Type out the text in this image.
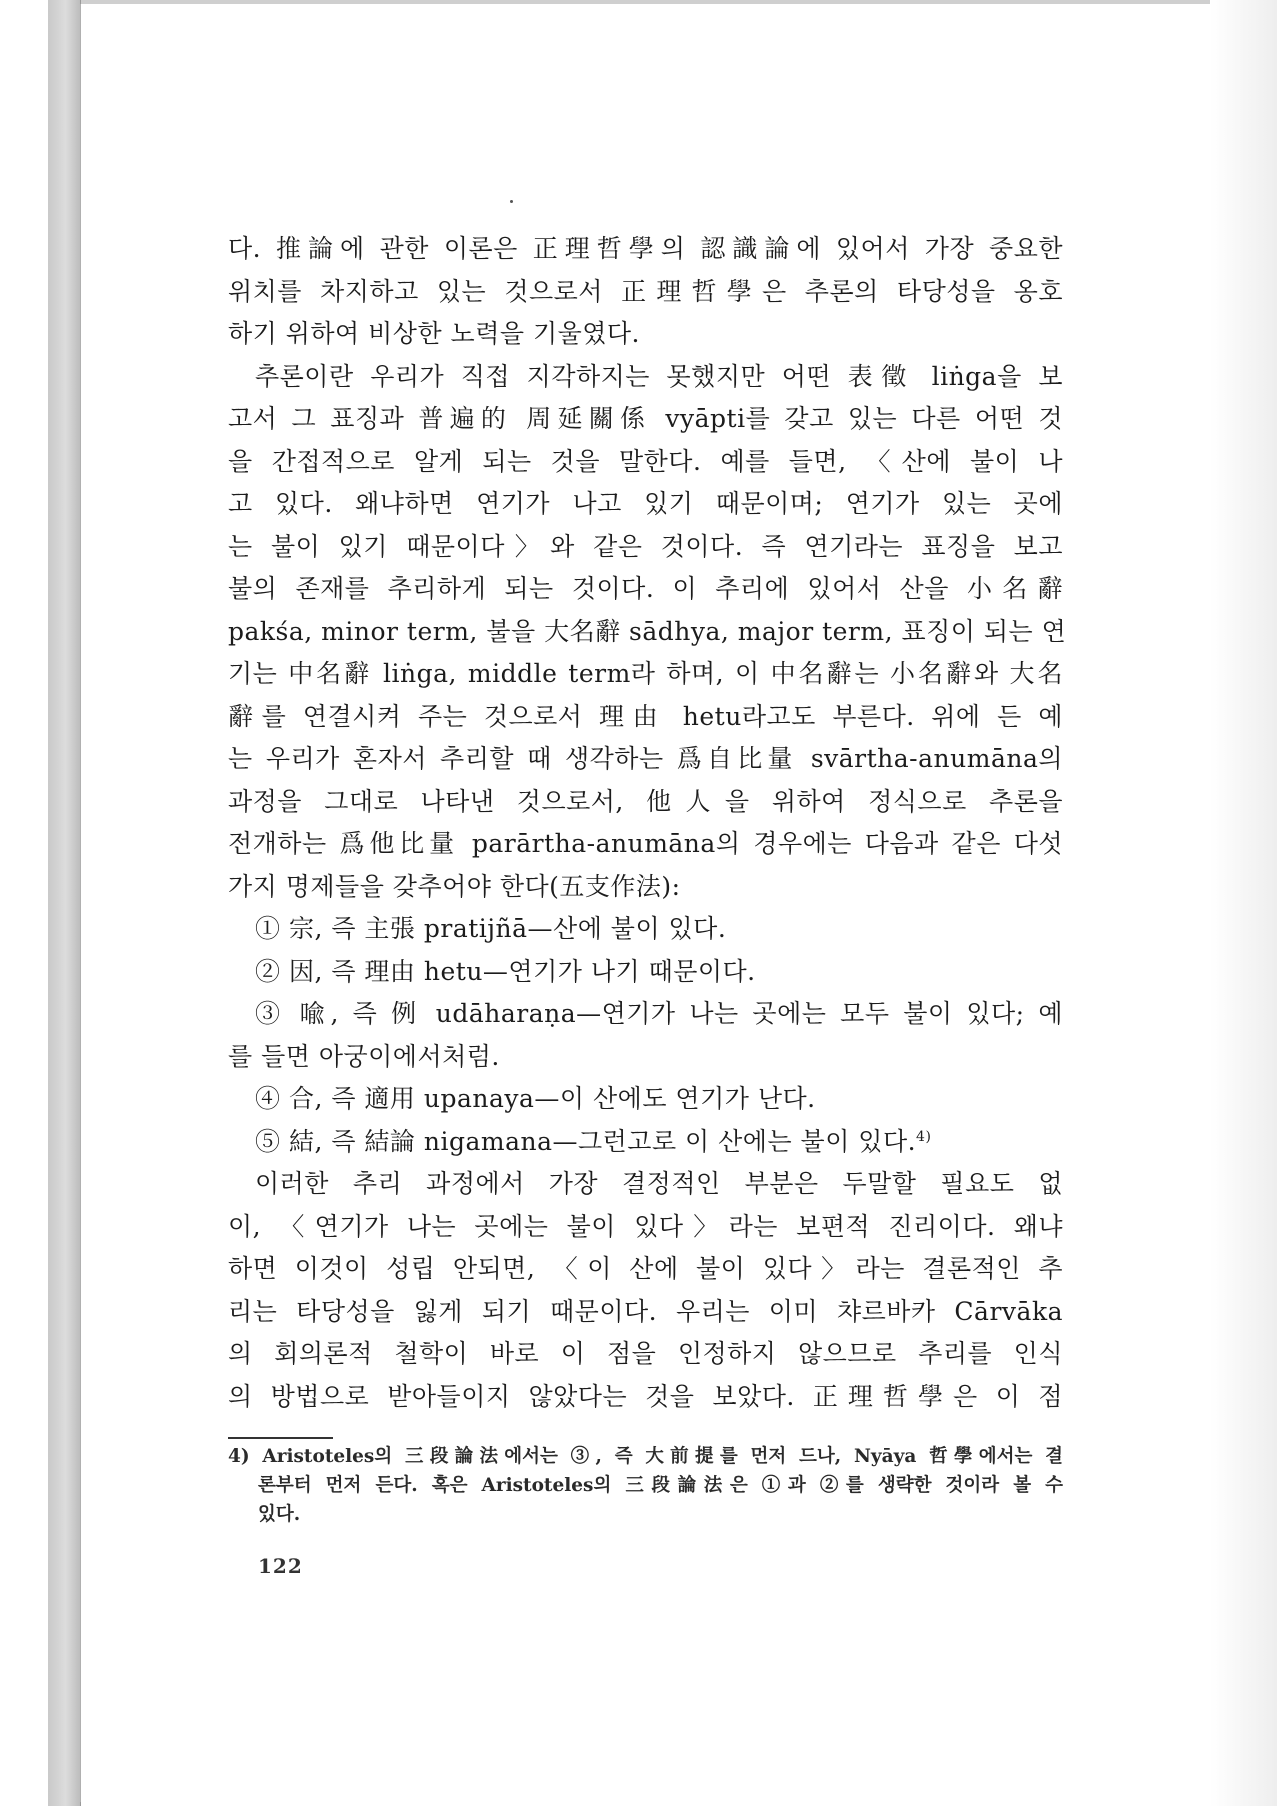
다. 推論에 관한 이론은 正理哲學의 認識論에 있어서 가장 중요한
위치를 차지하고 있는 것으로서 正理哲學은 추론의 타당성을 옹호
하기 위하여 비상한 노력을 기울였다.
추론이란 우리가 직접 지각하지는 못했지만 어떤 表徵 liṅga을 보
고서 그 표징과 普遍的 周延關係 vyāpti를 갖고 있는 다른 어떤 것
을 간접적으로 알게 되는 것을 말한다. 예를 들면, 〈산에 불이 나
고 있다. 왜냐하면 연기가 나고 있기 때문이며; 연기가 있는 곳에
는 불이 있기 때문이다〉와 같은 것이다. 즉 연기라는 표징을 보고
불의 존재를 추리하게 되는 것이다. 이 추리에 있어서 산을 小名辭
pakśa, minor term, 불을 大名辭 sādhya, major term, 표징이 되는 연
기는 中名辭 liṅga, middle term라 하며, 이 中名辭는 小名辭와 大名
辭를 연결시켜 주는 것으로서 理由 hetu라고도 부른다. 위에 든 예
는 우리가 혼자서 추리할 때 생각하는 爲自比量 svārtha-anumāna의
과정을 그대로 나타낸 것으로서, 他人을 위하여 정식으로 추론을
전개하는 爲他比量 parārtha-anumāna의 경우에는 다음과 같은 다섯
가지 명제들을 갖추어야 한다(五支作法):
① 宗, 즉 主張 pratijñā—산에 불이 있다.
② 因, 즉 理由 hetu—연기가 나기 때문이다.
③ 喩, 즉 例 udāharaṇa—연기가 나는 곳에는 모두 불이 있다; 예
를 들면 아궁이에서처럼.
④ 合, 즉 適用 upanaya—이 산에도 연기가 난다.
⑤ 結, 즉 結論 nigamana—그런고로 이 산에는 불이 있다.$^{4)}$
이러한 추리 과정에서 가장 결정적인 부분은 두말할 필요도 없
이, 〈연기가 나는 곳에는 불이 있다〉라는 보편적 진리이다. 왜냐
하면 이것이 성립 안되면, 〈이 산에 불이 있다〉라는 결론적인 추
리는 타당성을 잃게 되기 때문이다. 우리는 이미 챠르바카 Cārvāka
의 회의론적 철학이 바로 이 점을 인정하지 않으므로 추리를 인식
의 방법으로 받아들이지 않았다는 것을 보았다. 正理哲學은 이 점
4) Aristoteles의 三段論法에서는 ③, 즉 大前提를 먼저 드나, Nyāya 哲學에서는 결
론부터 먼저 든다. 혹은 Aristoteles의 三段論法은 ①과 ②를 생략한 것이라 볼 수
있다.
122
